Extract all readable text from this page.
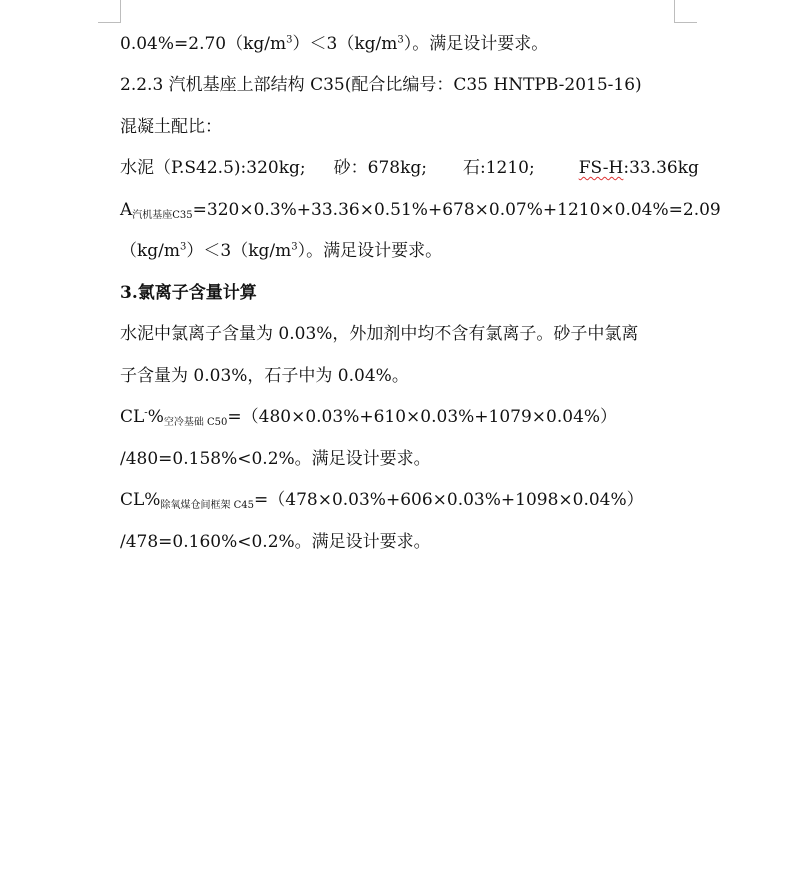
$0.04\%=2.70(kg/m^3)<3(kg/m^3)$。满足设计要求。
2.2.3 汽机基座上部结构 C35(配合比编号：C35 HNTPB-2015-16)
混凝土配比：
水泥（P.S42.5):320kg; 砂：678kg; 石:1210;	FS-H:33.36kg
$A_{汽机基座C35}=320\times 0.3\%+33.36\times 0.51\%+678\times 0.07\%+1210\times 0.04\%=2.09$
$(kg/m^3)<3(kg/m^3)$。满足设计要求。
3.氯离子含量计算
水泥中氯离子含量为 0.03%，外加剂中均不含有氯离子。砂子中氯离
子含量为 0.03%，石子中为 0.04%。
$CL^-\%_{空冷基础 C50}=(480\times 0.03\%+610\times 0.03\%+1079\times 0.04\%)$
/480=0.158%<0.2%。满足设计要求。
$CL\%_{除氧煤仓间框架 C45}=(478\times 0.03\%+606\times 0.03\%+1098\times 0.04\%)$
/478=0.160%<0.2%。满足设计要求。
